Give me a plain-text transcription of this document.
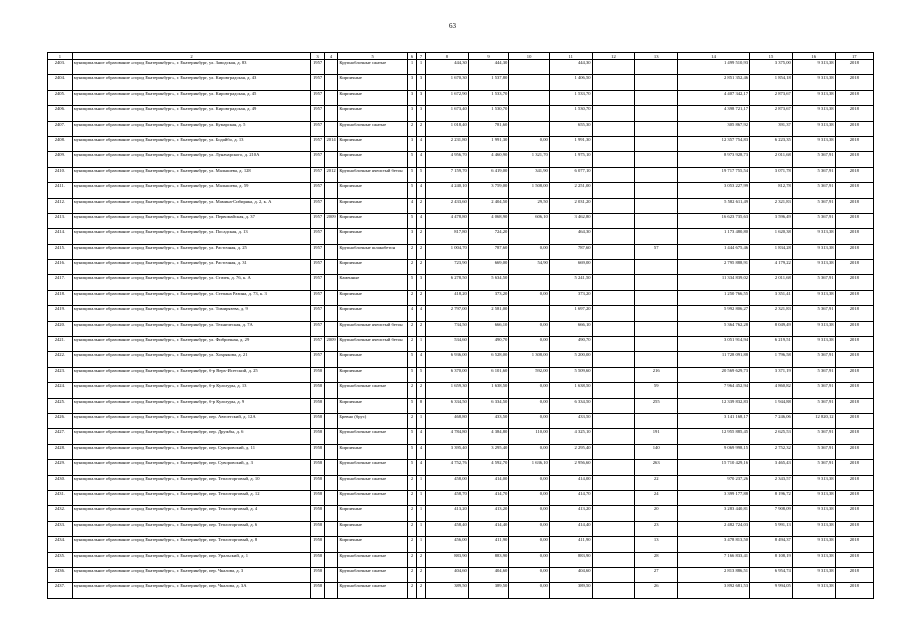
63
1	2	3	4	5	6	7	8	9	10	11	12	13	14	15	16	17
2403.	муниципальное образование «город Екатеринбург», г. Екатеринбург, ул. Заводская, д. 83	1957		Крупноблочные сжатые	1	1	444,30	444,30		444,30			1 499 510,93	3 375,00	9 313,38	2018
2404.	муниципальное образование «город Екатеринбург», г. Екатеринбург, ул. Кировградская, д. 43	1957		Кирпичные	3	3	1 670,30	1 537,80		1 406,50			2 851 352,46	1 854,18	9 313,38	2018
2405.	муниципальное образование «город Екатеринбург», г. Екатеринбург, ул. Кировградская, д. 45	1957		Кирпичные	3	3	1 672,90	1 533,70		1 533,70			4 407 342,17	2 873,67	9 313,38	2018
2406.	муниципальное образование «город Екатеринбург», г. Екатеринбург, ул. Кировградская, д. 49	1957		Кирпичные	3	3	1 673,40	1 530,70		1 530,70			4 398 721,17	2 873,67	9 313,38	2018
2407.	муниципальное образование «город Екатеринбург», г. Екатеринбург, ул. Кумарская, д. 5	1957		Крупноблочные сжатые	2	2	1 018,40	781,60		655,30			305 867,92	391,37	9 313,38	2018
2408.	муниципальное образование «город Екатеринбург», г. Екатеринбург, ул. Бодайбо, д. 13	1957	2014	Кирпичные	3	4	2 231,80	1 991,30	0,00	1 991,30			12 357 754,83	6 223,35	9 313,38	2018
2409.	муниципальное образование «город Екатеринбург», г. Екатеринбург, ул. Луначарского, д. 210А	1957		Кирпичные	5	4	4 956,70	4 460,90	1 321,70	1 975,10			8 973 928,73	2 011,68	5 367,91	2018
2410.	муниципальное образование «город Екатеринбург», г. Екатеринбург, ул. Малышева, д. 128	1957	2012	Крупноблочные ячеистый бетон	5	5	7 159,70	6 419,00	341,90	6 077,10			19 717 755,54	3 071,78	5 367,91	2018
2411.	муниципальное образование «город Екатеринбург», г. Екатеринбург, ул. Малышева, д. 59	1957		Кирпичные	5	4	4 240,10	3 759,00	1 508,00	2 251,00			3 053 227,99	812,78	5 367,91	2018
2412.	муниципальное образование «город Екатеринбург», г. Екатеринбург, ул. Мамина-Сибиряка, д. 2, к. А	1957		Кирпичные	4	2	2 433,60	2 404,50	29,50	2 031,20			5 582 611,49	2 321,83	5 367,91	2018
2413.	муниципальное образование «город Екатеринбург», г. Екатеринбург, ул. Первомайская, д. 37	1957	2009	Кирпичные	5	4	4 478,80	4 068,90	606,10	3 462,80			16 623 735,63	3 596,49	5 367,91	2018
2414.	муниципальное образование «город Екатеринбург», г. Екатеринбург, ул. Посадская, д. 13	1957		Кирпичные	3	2	817,80	724,20		464,30			1 173 480,80	1 620,38	9 313,38	2018
2415.	муниципальное образование «город Екатеринбург», г. Екатеринбург, ул. Расточная, д. 25	1957		Крупноблочные шлакобетон	2	2	1 004,70	787,60	0,00	787,60		57	1 444 675,46	1 834,28	9 313,38	2018
2416.	муниципальное образование «город Екатеринбург», г. Екатеринбург, ул. Расточная, д. 31	1957		Кирпичные	2	2	723,90	669,00	54,90	669,00			2 795 888,91	4 179,22	9 313,38	2018
2417.	муниципальное образование «город Екатеринбург», г. Екатеринбург, ул. Стачек, д. 76, к. А	1957		Каменные	5	3	6 278,50	5 634,50		5 241,50			11 334 839,02	2 011,68	5 367,91	2018
2418.	муниципальное образование «город Екатеринбург», г. Екатеринбург, ул. Степана Разина, д. 73, к. 3	1957		Кирпичные	2	2	418,20	373,20	0,00	373,20			1 250 766,55	3 351,41	9 313,38	2018
2419.	муниципальное образование «город Екатеринбург», г. Екатеринбург, ул. Тимирязева, д. 9	1957		Кирпичные	4	4	2 797,00	2 581,00		1 697,20			5 992 806,27	2 321,83	5 367,91	2018
2420.	муниципальное образование «город Екатеринбург», г. Екатеринбург, ул. Техническая, д. 7А	1957		Крупноблочные ячеистый бетон	2	2	734,50	666,10	0,00	666,10			5 364 762,28	8 049,49	9 313,38	2018
2421.	муниципальное образование «город Екатеринбург», г. Екатеринбург, ул. Фибричная, д. 29	1957	2009	Крупноблочные ячеистый бетон	2	1	534,60	490,70	0,00	490,70			3 051 914,94	6 219,51	9 313,38	2018
2422.	муниципальное образование «город Екатеринбург», г. Екатеринбург, ул. Хохрякова, д. 21	1957		Кирпичные	5	4	6 936,00	6 528,00	1 308,00	5 200,00			11 728 091,88	1 796,58	5 367,91	2018
2423.	муниципальное образование «город Екатеринбург», г. Екатеринбург, б-р Верх-Исетский, д. 25	1958		Кирпичные	5	5	6 370,00	6 101,60	592,00	5 509,60		216	20 569 629,73	3 371,19	5 367,91	2018
2424.	муниципальное образование «город Екатеринбург», г. Екатеринбург, б-р Культуры, д. 13	1958		Крупноблочные сжатые	2	2	1 659,30	1 638,50	0,00	1 638,50		59	7 964 452,94	4 860,82	5 367,91	2018
2425.	муниципальное образование «город Екатеринбург», г. Екатеринбург, б-р Культуры, д. 9	1958		Кирпичные	5	8	6 334,50	6 334,50	0,00	6 334,50		255	12 339 832,83	1 944,88	5 367,91	2018
2426.	муниципальное образование «город Екатеринбург», г. Екатеринбург, пер. Автоегский, д. 12А	1958		Бревно (брус)	2	1	468,80	433,50	0,00	433,50			3 141 168,17	7 246,06	12 820,12	2018
2427.	муниципальное образование «город Екатеринбург», г. Екатеринбург, пер. Дружбы, д. 6	1958		Крупноблочные сжатые	5	4	4 784,80	4 384,80	110,00	4 325,10		191	12 955 885,45	2 625,53	5 367,91	2018
2428.	муниципальное образование «город Екатеринбург», г. Екатеринбург, пер. Суворовский, д. 11	1958		Кирпичные	5	4	3 395,40	3 295,40	0,00	2 295,40		140	9 069 998,15	2 752,32	5 367,91	2018
2429.	муниципальное образование «город Екатеринбург», г. Екатеринбург, пер. Суворовский, д. 3	1958		Крупноблочные сжатые	5	4	4 752,76	4 592,70	1 636,10	2 956,60		263	15 710 429,16	3 465,43	5 367,91	2018
2430.	муниципальное образование «город Екатеринбург», г. Екатеринбург, пер. Теплоторговый, д. 10	1958		Крупноблочные сжатые	2	1	458,00	414,00	0,00	414,00		22	970 237,26	2 343,57	9 313,38	2018
2431.	муниципальное образование «город Екатеринбург», г. Екатеринбург, пер. Теплоторговый, д. 12	1958		Крупноблочные сжатые	2	1	458,70	414,70	0,00	414,70		24	3 399 177,88	8 196,72	9 313,38	2018
2432.	муниципальное образование «город Екатеринбург», г. Екатеринбург, пер. Теплоторговый, д. 4	1958		Кирпичные	2	1	413,20	413,20	0,00	413,20		20	3 283 440,81	7 908,09	9 313,38	2018
2433.	муниципальное образование «город Екатеринбург», г. Екатеринбург, пер. Теплоторговый, д. 6	1958		Кирпичные	2	1	458,40	414,40	0,00	414,40		23	2 482 724,03	5 991,13	9 313,38	2018
2434.	муниципальное образование «город Екатеринбург», г. Екатеринбург, пер. Теплоторговый, д. 8	1958		Кирпичные	2	1	456,00	411,90	0,00	411,90		13	3 478 813,50	8 494,37	9 313,38	2018
2435.	муниципальное образование «город Екатеринбург», г. Екатеринбург, пер. Уральский, д. 1	1958		Крупноблочные сжатые	2	2	883,90	883,90	0,00	883,90		28	7 166 833,41	8 108,19	9 313,38	2018
2436.	муниципальное образование «город Екатеринбург», г. Екатеринбург, пер. Чкалова, д. 3	1958		Крупноблочные сжатые	2	2	404,60	404,60	0,00	404,60		27	2 813 886,51	6 954,74	9 313,38	2018
2437.	муниципальное образование «город Екатеринбург», г. Екатеринбург, пер. Чкалова, д. 3А	1958		Крупноблочные сжатые	2	2	389,50	389,50	0,00	389,50		26	3 892 681,53	9 994,05	9 313,38	2018
